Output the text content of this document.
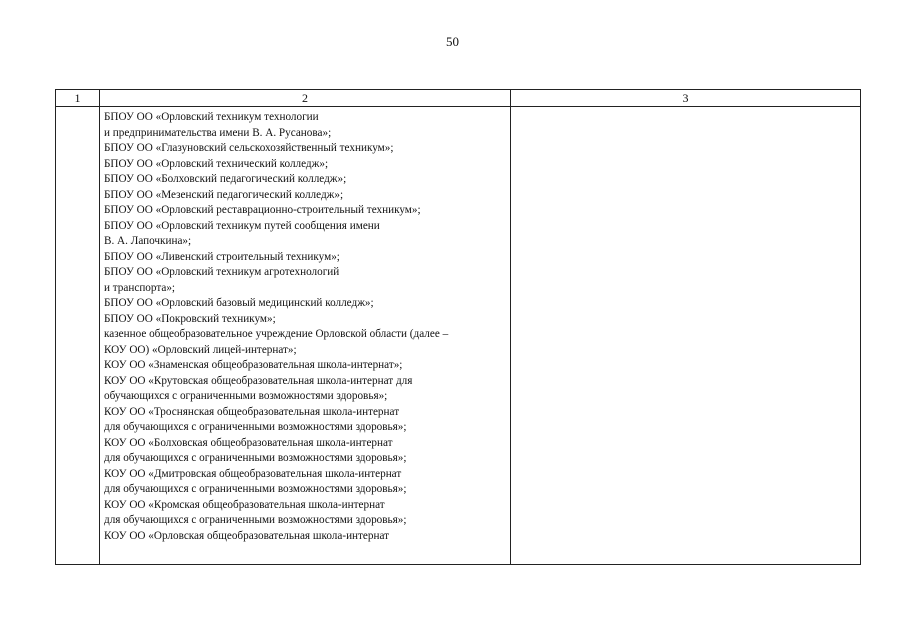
50
1	2	3
БПОУ ОО «Орловский техникум технологии
и предпринимательства имени В. А. Русанова»;
БПОУ ОО «Глазуновский сельскохозяйственный техникум»;
БПОУ ОО «Орловский технический колледж»;
БПОУ ОО «Болховский педагогический колледж»;
БПОУ ОО «Мезенский педагогический колледж»;
БПОУ ОО «Орловский реставрационно-строительный техникум»;
БПОУ ОО «Орловский техникум путей сообщения имени
В. А. Лапочкина»;
БПОУ ОО «Ливенский строительный техникум»;
БПОУ ОО «Орловский техникум агротехнологий
и транспорта»;
БПОУ ОО «Орловский базовый медицинский колледж»;
БПОУ ОО «Покровский техникум»;
казенное общеобразовательное учреждение Орловской области (далее –
КОУ ОО) «Орловский лицей-интернат»;
КОУ ОО «Знаменская общеобразовательная школа-интернат»;
КОУ ОО «Крутовская общеобразовательная школа-интернат для
обучающихся с ограниченными возможностями здоровья»;
КОУ ОО «Троснянская общеобразовательная школа-интернат
для обучающихся с ограниченными возможностями здоровья»;
КОУ ОО «Болховская общеобразовательная школа-интернат
для обучающихся с ограниченными возможностями здоровья»;
КОУ ОО «Дмитровская общеобразовательная школа-интернат
для обучающихся с ограниченными возможностями здоровья»;
КОУ ОО «Кромская общеобразовательная школа-интернат
для обучающихся с ограниченными возможностями здоровья»;
КОУ ОО «Орловская общеобразовательная школа-интернат
